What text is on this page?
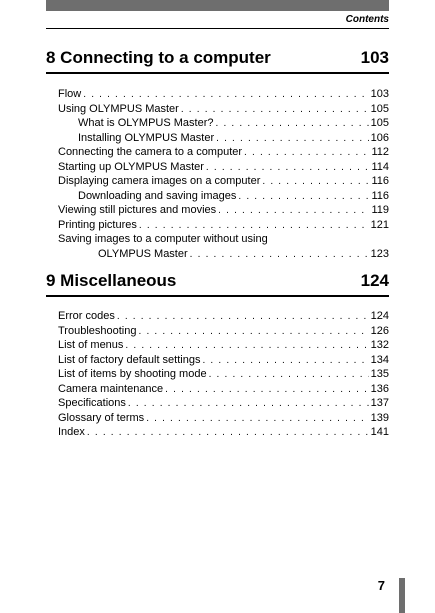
Contents
8 Connecting to a computer	103
Flow . . .	103
Using OLYMPUS Master . . .	105
What is OLYMPUS Master? . . .	105
Installing OLYMPUS Master . . .	106
Connecting the camera to a computer . . .	112
Starting up OLYMPUS Master . . .	114
Displaying camera images on a computer . . .	116
Downloading and saving images . . .	116
Viewing still pictures and movies . . .	119
Printing pictures . . .	121
Saving images to a computer without using
OLYMPUS Master . . .	123
9 Miscellaneous	124
Error codes . . .	124
Troubleshooting . . .	126
List of menus . . .	132
List of factory default settings . . .	134
List of items by shooting mode . . .	135
Camera maintenance . . .	136
Specifications . . .	137
Glossary of terms . . .	139
Index . . .	141
7
